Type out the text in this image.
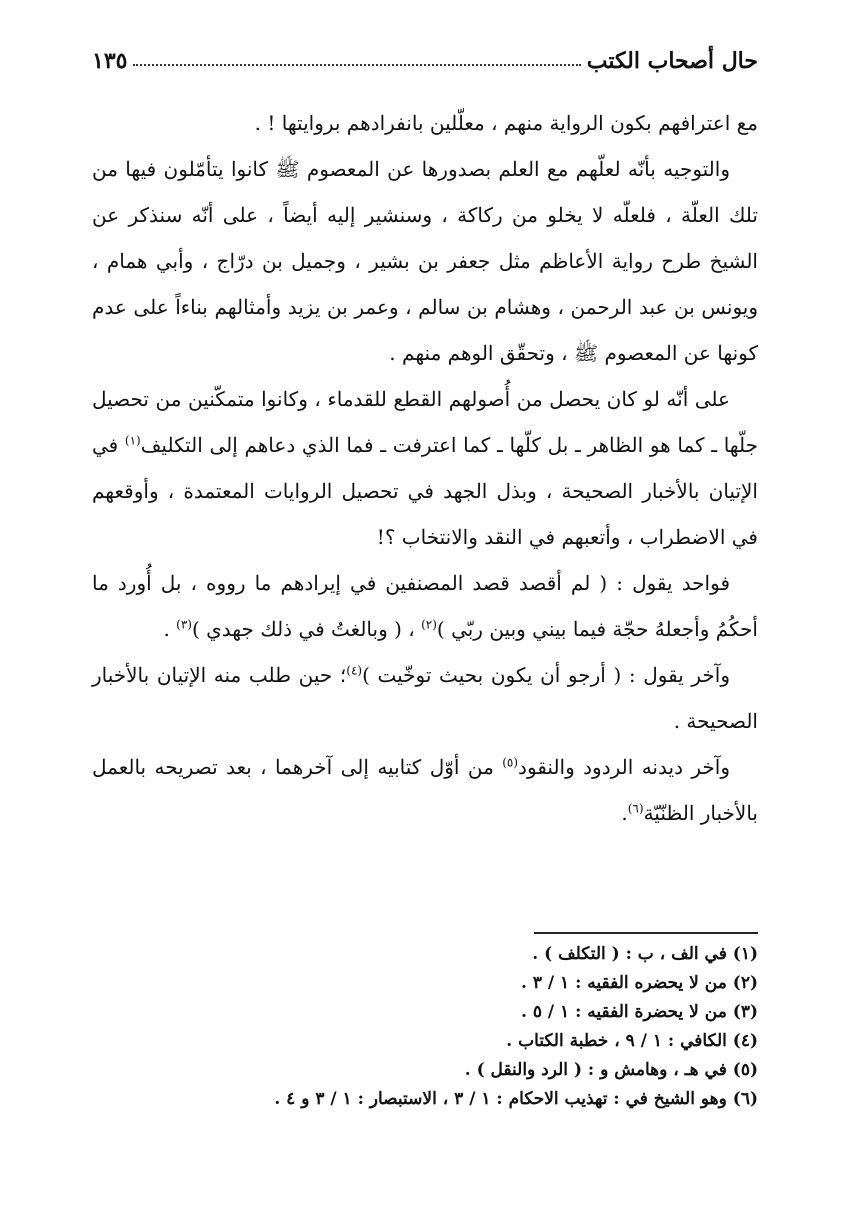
حال أصحاب الكتب
١٣٥

مع اعترافهم بكون الرواية منهم ، معلّلين بانفرادهم بروايتها ! .

والتوجيه بأنّه لعلّهم مع العلم بصدورها عن المعصوم ﷺ كانوا يتأمّلون فيها من تلك العلّة ، فلعلّه لا يخلو من ركاكة ، وسنشير إليه أيضاً ، على أنّه سنذكر عن الشيخ طرح رواية الأعاظم مثل جعفر بن بشير ، وجميل بن درّاج ، وأبي همام ، ويونس بن عبد الرحمن ، وهشام بن سالم ، وعمر بن يزيد وأمثالهم بناءاً على عدم كونها عن المعصوم ﷺ ، وتحقّق الوهم منهم .

على أنّه لو كان يحصل من أُصولهم القطع للقدماء ، وكانوا متمكّنين من تحصيل جلّها ـ كما هو الظاهر ـ بل كلّها ـ كما اعترفت ـ فما الذي دعاهم إلى التكليف$^{(١)}$ في الإتيان بالأخبار الصحيحة ، وبذل الجهد في تحصيل الروايات المعتمدة ، وأوقعهم في الاضطراب ، وأتعبهم في النقد والانتخاب ؟!

فواحد يقول : ( لم أقصد قصد المصنفين في إيرادهم ما رووه ، بل أُورد ما أحكُمُ وأجعلهُ حجّة فيما بيني وبين ربّي )$^{(٢)}$ ، ( وبالغتُ في ذلك جهدي )$^{(٣)}$ .

وآخر يقول : ( أرجو أن يكون بحيث توخّيت )$^{(٤)}$؛ حين طلب منه الإتيان بالأخبار الصحيحة .

وآخر ديدنه الردود والنقود$^{(٥)}$ من أوّل كتابيه إلى آخرهما ، بعد تصريحه بالعمل بالأخبار الظنّيّة$^{(٦)}$.

(١) في الف ، ب : ( التكلف ) .

(٢) من لا يحضره الفقيه : ١ / ٣ .

(٣) من لا يحضرة الفقيه : ١ / ٥ .

(٤) الكافي : ١ / ٩ ، خطبة الكتاب .

(٥) في هـ ، وهامش و : ( الرد والنقل ) .

(٦) وهو الشيخ في : تهذيب الاحكام : ١ / ٣ ، الاستبصار : ١ / ٣ و ٤ .
